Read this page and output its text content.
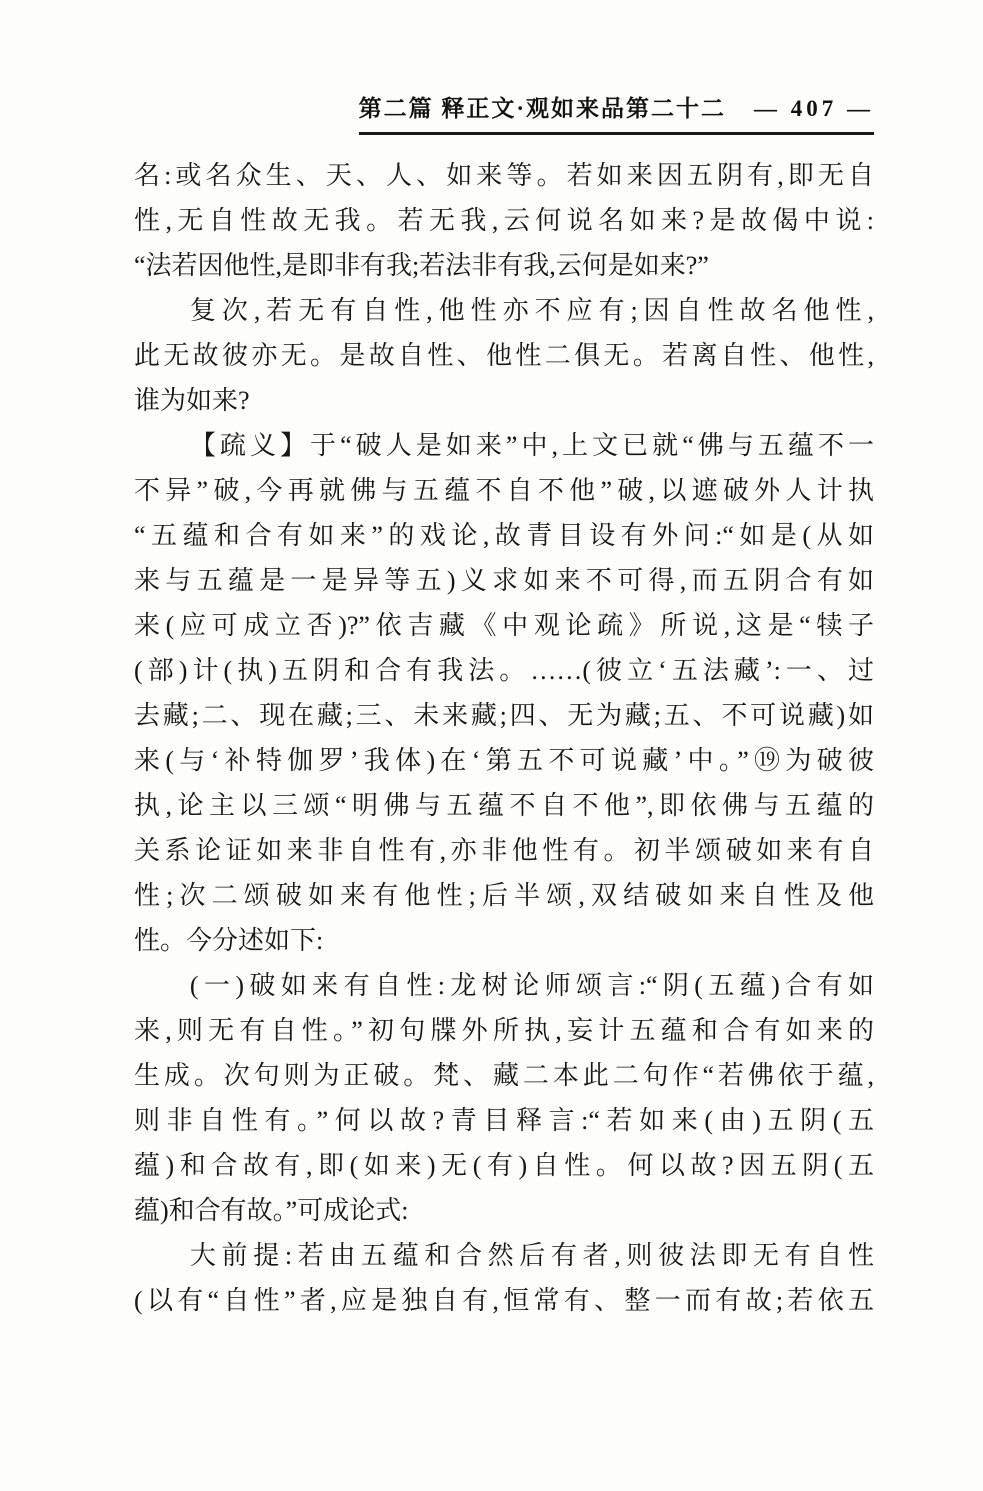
第二篇 释正文·观如来品第二十二 — 407 —
名:或名众生、天、人、如来等。若如来因五阴有,即无自
性,无自性故无我。若无我,云何说名如来?是故偈中说:
“法若因他性,是即非有我;若法非有我,云何是如来?”
复次,若无有自性,他性亦不应有;因自性故名他性,
此无故彼亦无。是故自性、他性二俱无。若离自性、他性,
谁为如来?
【疏义】于“破人是如来”中,上文已就“佛与五蕴不一
不异”破,今再就佛与五蕴不自不他”破,以遮破外人计执
“五蕴和合有如来”的戏论,故青目设有外问:“如是(从如
来与五蕴是一是异等五)义求如来不可得,而五阴合有如
来(应可成立否)?”依吉藏《中观论疏》所说,这是“犊子
(部)计(执)五阴和合有我法。……(彼立‘五法藏’:一、过
去藏;二、现在藏;三、未来藏;四、无为藏;五、不可说藏)如
来(与‘补特伽罗’我体)在‘第五不可说藏’中。”⑲为破彼
执,论主以三颂“明佛与五蕴不自不他”,即依佛与五蕴的
关系论证如来非自性有,亦非他性有。初半颂破如来有自
性;次二颂破如来有他性;后半颂,双结破如来自性及他
性。今分述如下:
(一)破如来有自性:龙树论师颂言:“阴(五蕴)合有如
来,则无有自性。”初句牒外所执,妄计五蕴和合有如来的
生成。次句则为正破。梵、藏二本此二句作“若佛依于蕴,
则非自性有。”何以故?青目释言:“若如来(由)五阴(五
蕴)和合故有,即(如来)无(有)自性。何以故?因五阴(五
蕴)和合有故。”可成论式:
大前提:若由五蕴和合然后有者,则彼法即无有自性
(以有“自性”者,应是独自有,恒常有、整一而有故;若依五
